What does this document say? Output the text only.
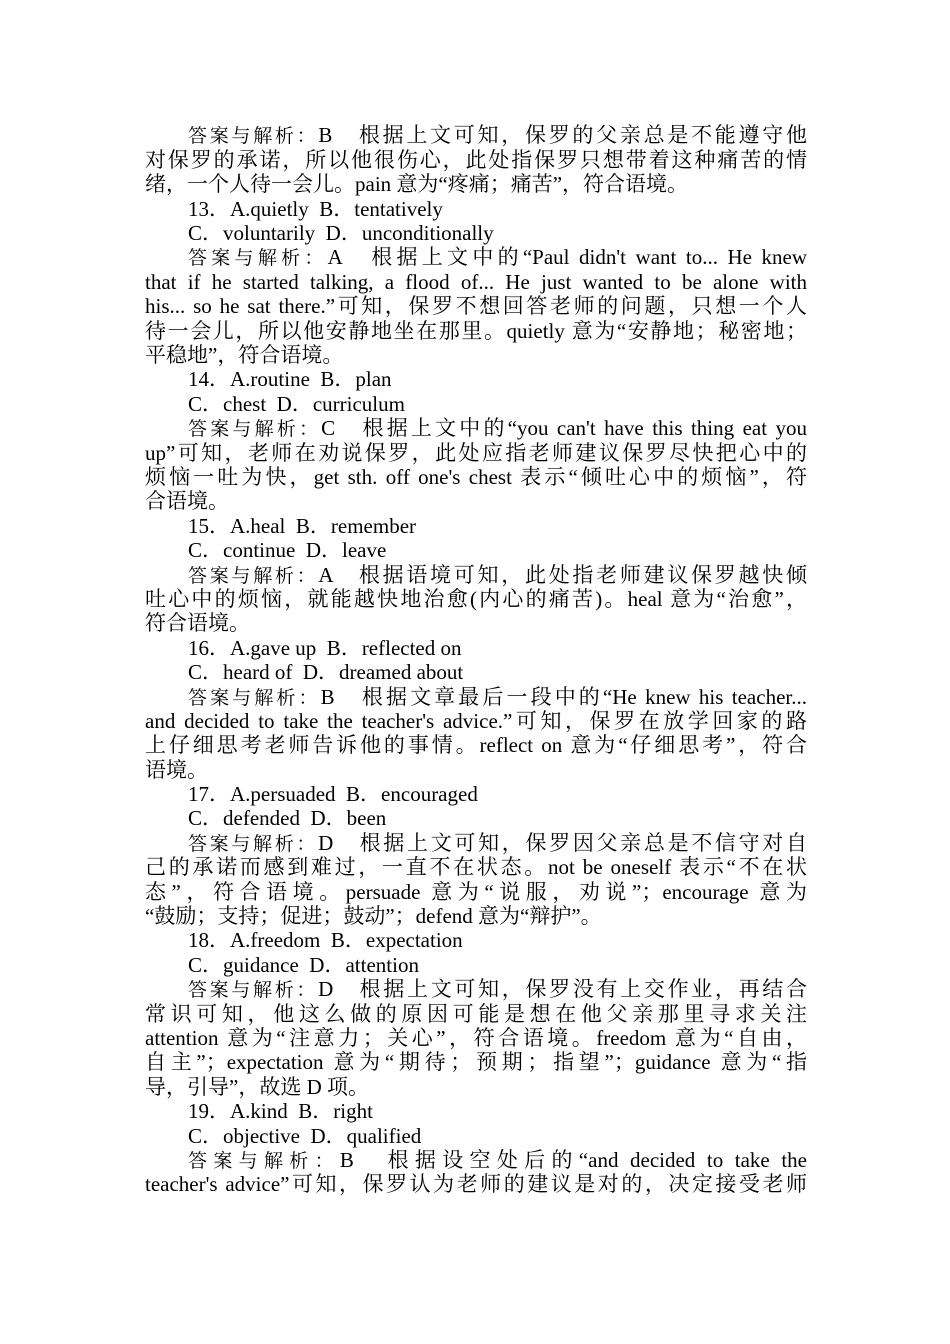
答案与解析：B　根据上文可知，保罗的父亲总是不能遵守他
对保罗的承诺，所以他很伤心，此处指保罗只想带着这种痛苦的情
绪，一个人待一会儿。pain 意为“疼痛；痛苦”，符合语境。
13．A.quietly  B．tentatively
C．voluntarily  D．unconditionally
答案与解析：A　根据上文中的“Paul didn't want to... He knew
that if he started talking, a flood of... He just wanted to be alone with
his... so he sat there.”可知，保罗不想回答老师的问题，只想一个人
待一会儿，所以他安静地坐在那里。quietly 意为“安静地；秘密地；
平稳地”，符合语境。
14．A.routine  B．plan
C．chest  D．curriculum
答案与解析：C　根据上文中的“you can't have this thing eat you
up”可知，老师在劝说保罗，此处应指老师建议保罗尽快把心中的
烦恼一吐为快，get sth. off one's chest 表示“倾吐心中的烦恼”，符
合语境。
15．A.heal  B．remember
C．continue  D．leave
答案与解析：A　根据语境可知，此处指老师建议保罗越快倾
吐心中的烦恼，就能越快地治愈(内心的痛苦)。heal 意为“治愈”，
符合语境。
16．A.gave up  B．reflected on
C．heard of  D．dreamed about
答案与解析：B　根据文章最后一段中的“He knew his teacher...
and decided to take the teacher's advice.”可知，保罗在放学回家的路
上仔细思考老师告诉他的事情。reflect on 意为“仔细思考”，符合
语境。
17．A.persuaded  B．encouraged
C．defended  D．been
答案与解析：D　根据上文可知，保罗因父亲总是不信守对自
己的承诺而感到难过，一直不在状态。not be oneself 表示“不在状
态”，符合语境。persuade 意为“说服，劝说”；encourage 意为
“鼓励；支持；促进；鼓动”；defend 意为“辩护”。
18．A.freedom  B．expectation
C．guidance  D．attention
答案与解析：D　根据上文可知，保罗没有上交作业，再结合
常识可知，他这么做的原因可能是想在他父亲那里寻求关注
attention 意为“注意力；关心”，符合语境。freedom 意为“自由，
自主”；expectation 意为“期待；预期；指望”；guidance 意为“指
导，引导”，故选 D 项。
19．A.kind  B．right
C．objective  D．qualified
答案与解析：B　根据设空处后的“and decided to take the
teacher's advice”可知，保罗认为老师的建议是对的，决定接受老师
